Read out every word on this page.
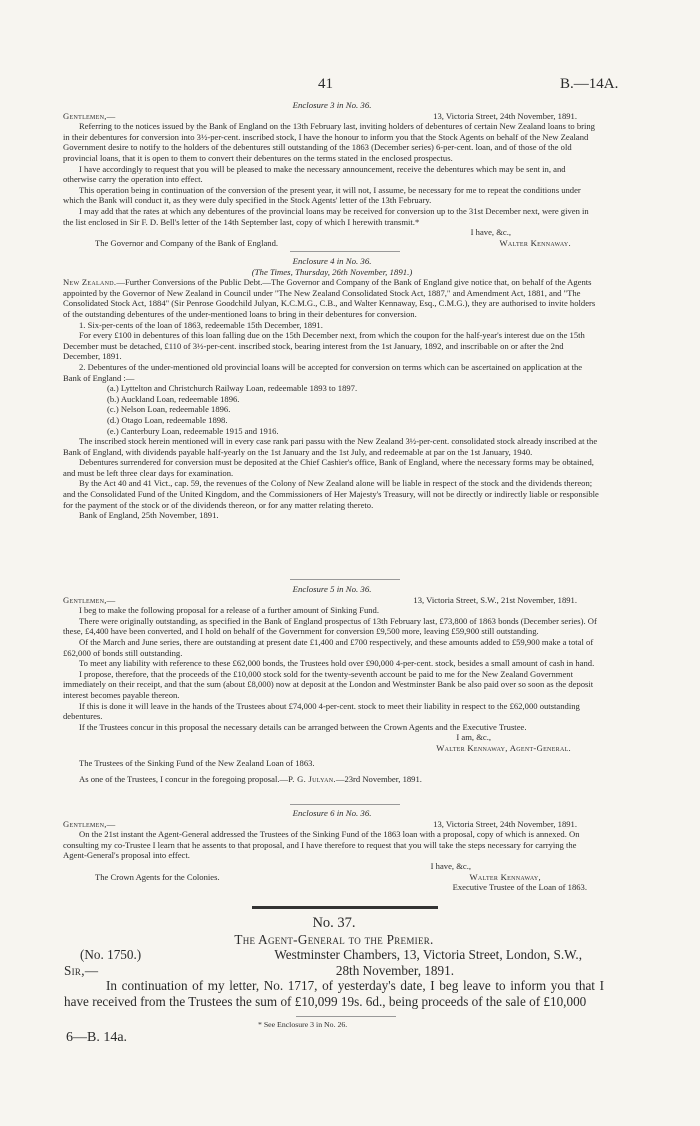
41	B.—14A.

Enclosure 3 in No. 36.

Gentlemen,—	13, Victoria Street, 24th November, 1891.

Referring to the notices issued by the Bank of England on the 13th February last, inviting holders of debentures of certain New Zealand loans to bring in their debentures for conversion into 3½-per-cent. inscribed stock, I have the honour to inform you that the Stock Agents on behalf of the New Zealand Government desire to notify to the holders of the debentures still outstanding of the 1863 (December series) 6-per-cent. loan, and of those of the old provincial loans, that it is open to them to convert their debentures on the terms stated in the enclosed prospectus.

I have accordingly to request that you will be pleased to make the necessary announcement, receive the debentures which may be sent in, and otherwise carry the operation into effect.

This operation being in continuation of the conversion of the present year, it will not, I assume, be necessary for me to repeat the conditions under which the Bank will conduct it, as they were duly specified in the Stock Agents' letter of the 13th February.

I may add that the rates at which any debentures of the provincial loans may be received for conversion up to the 31st December next, were given in the list enclosed in Sir F. D. Bell's letter of the 14th September last, copy of which I herewith transmit.*

I have, &c.,

The Governor and Company of the Bank of England.	Walter Kennaway.

Enclosure 4 in No. 36.

(The Times, Thursday, 26th November, 1891.)

New Zealand.—Further Conversions of the Public Debt.—The Governor and Company of the Bank of England give notice that, on behalf of the Agents appointed by the Governor of New Zealand in Council under "The New Zealand Consolidated Stock Act, 1887," and Amendment Act, 1881, and "The Consolidated Stock Act, 1884" (Sir Penrose Goodchild Julyan, K.C.M.G., C.B., and Walter Kennaway, Esq., C.M.G.), they are authorised to invite holders of the outstanding debentures of the under-mentioned loans to bring in their debentures for conversion.

1. Six-per-cents of the loan of 1863, redeemable 15th December, 1891.

For every £100 in debentures of this loan falling due on the 15th December next, from which the coupon for the half-year's interest due on the 15th December must be detached, £110 of 3½-per-cent. inscribed stock, bearing interest from the 1st January, 1892, and inscribable on or after the 2nd December, 1891.

2. Debentures of the under-mentioned old provincial loans will be accepted for conversion on terms which can be ascertained on application at the Bank of England :—

(a.) Lyttelton and Christchurch Railway Loan, redeemable 1893 to 1897.

(b.) Auckland Loan, redeemable 1896.

(c.) Nelson Loan, redeemable 1896.

(d.) Otago Loan, redeemable 1898.

(e.) Canterbury Loan, redeemable 1915 and 1916.

The inscribed stock herein mentioned will in every case rank pari passu with the New Zealand 3½-per-cent. consolidated stock already inscribed at the Bank of England, with dividends payable half-yearly on the 1st January and the 1st July, and redeemable at par on the 1st January, 1940.

Debentures surrendered for conversion must be deposited at the Chief Cashier's office, Bank of England, where the necessary forms may be obtained, and must be left three clear days for examination.

By the Act 40 and 41 Vict., cap. 59, the revenues of the Colony of New Zealand alone will be liable in respect of the stock and the dividends thereon; and the Consolidated Fund of the United Kingdom, and the Commissioners of Her Majesty's Treasury, will not be directly or indirectly liable or responsible for the payment of the stock or of the dividends thereon, or for any matter relating thereto.

Bank of England, 25th November, 1891.

Enclosure 5 in No. 36.

Gentlemen,—	13, Victoria Street, S.W., 21st November, 1891.

I beg to make the following proposal for a release of a further amount of Sinking Fund.

There were originally outstanding, as specified in the Bank of England prospectus of 13th February last, £73,800 of 1863 bonds (December series). Of these, £4,400 have been converted, and I hold on behalf of the Government for conversion £9,500 more, leaving £59,900 still outstanding.

Of the March and June series, there are outstanding at present date £1,400 and £700 respectively, and these amounts added to £59,900 make a total of £62,000 of bonds still outstanding.

To meet any liability with reference to these £62,000 bonds, the Trustees hold over £90,000 4-per-cent. stock, besides a small amount of cash in hand.

I propose, therefore, that the proceeds of the £10,000 stock sold for the twenty-seventh account be paid to me for the New Zealand Government immediately on their receipt, and that the sum (about £8,000) now at deposit at the London and Westminster Bank be also paid over so soon as the deposit interest becomes payable thereon.

If this is done it will leave in the hands of the Trustees about £74,000 4-per-cent. stock to meet their liability in respect to the £62,000 outstanding debentures.

If the Trustees concur in this proposal the necessary details can be arranged between the Crown Agents and the Executive Trustee.

I am, &c.,

Walter Kennaway, Agent-General.

The Trustees of the Sinking Fund of the New Zealand Loan of 1863.

As one of the Trustees, I concur in the foregoing proposal.—P. G. Julyan.—23rd November, 1891.

Enclosure 6 in No. 36.

Gentlemen,—	13, Victoria Street, 24th November, 1891.

On the 21st instant the Agent-General addressed the Trustees of the Sinking Fund of the 1863 loan with a proposal, copy of which is annexed. On consulting my co-Trustee I learn that he assents to that proposal, and I have therefore to request that you will take the steps necessary for carrying the Agent-General's proposal into effect.

I have, &c.,

The Crown Agents for the Colonies.	Walter Kennaway,

Executive Trustee of the Loan of 1863.

No. 37.

The Agent-General to the Premier.

(No. 1750.)	Westminster Chambers, 13, Victoria Street, London, S.W.,
Sir,—	28th November, 1891.

In continuation of my letter, No. 1717, of yesterday's date, I beg leave to inform you that I have received from the Trustees the sum of £10,099 19s. 6d., being proceeds of the sale of £10,000

* See Enclosure 3 in No. 26.
6—B. 14a.
